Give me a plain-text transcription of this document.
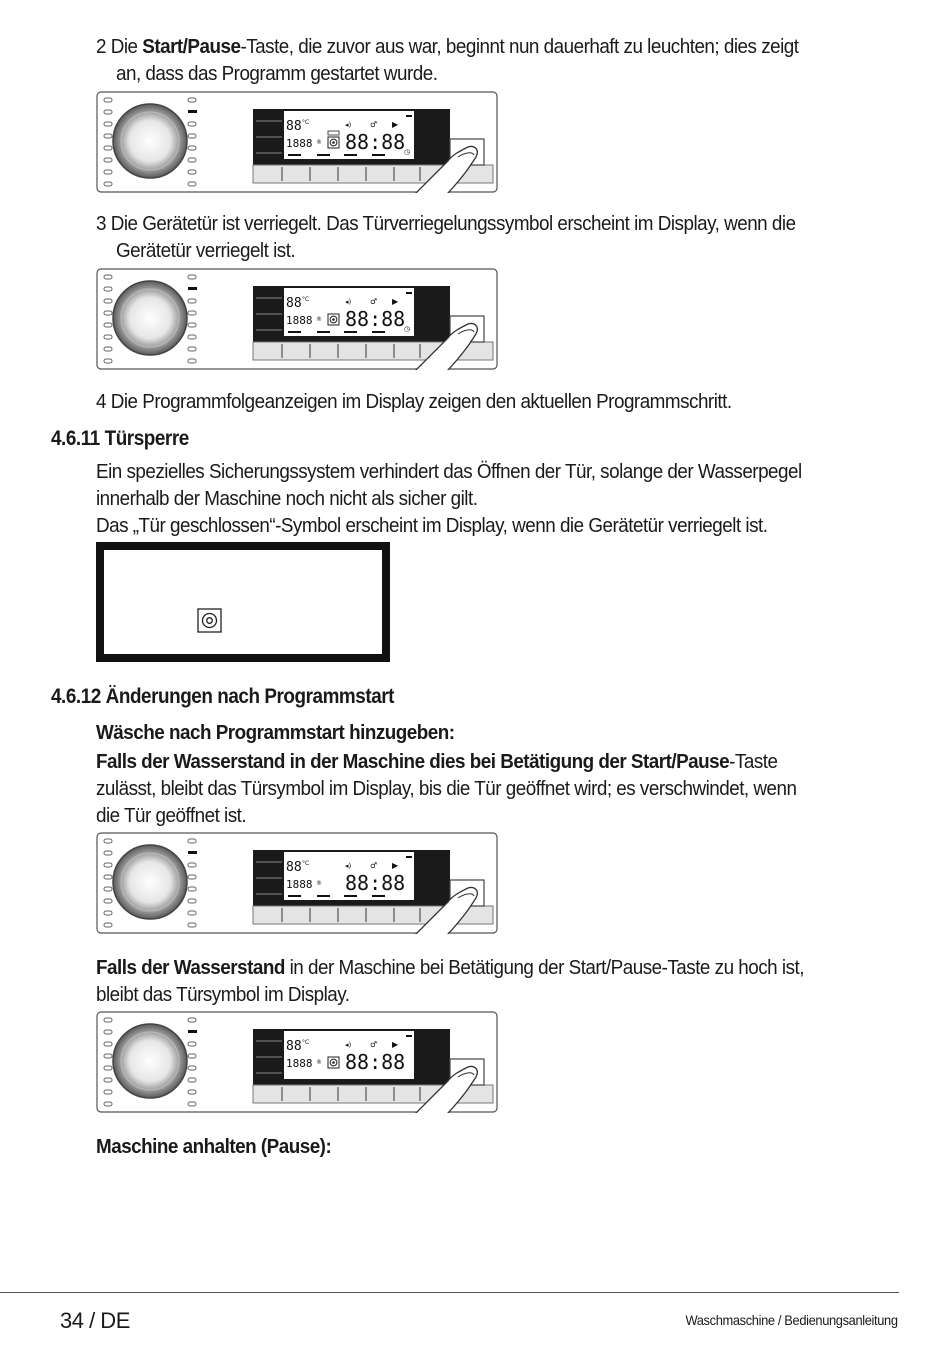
2 Die Start/Pause-Taste, die zuvor aus war, beginnt nun dauerhaft zu leuchten; dies zeigt
an, dass das Programm gestartet wurde.
88 °C	◂) ♂ ▶
1888 ® 88:88
◷
3 Die Gerätetür ist verriegelt. Das Türverriegelungssymbol erscheint im Display, wenn die
Gerätetür verriegelt ist.
88 °C	◂) ♂ ▶
1888 ® 88:88
◷
4 Die Programmfolgeanzeigen im Display zeigen den aktuellen Programmschritt.
4.6.11 Türsperre
Ein spezielles Sicherungssystem verhindert das Öffnen der Tür, solange der Wasserpegel
innerhalb der Maschine noch nicht als sicher gilt.
Das „Tür geschlossen“-Symbol erscheint im Display, wenn die Gerätetür verriegelt ist.
4.6.12 Änderungen nach Programmstart
Wäsche nach Programmstart hinzugeben:
Falls der Wasserstand in der Maschine dies bei Betätigung der Start/Pause-Taste
zulässt, bleibt das Türsymbol im Display, bis die Tür geöffnet wird; es verschwindet, wenn
die Tür geöffnet ist.
88 °C	◂) ♂ ▶
1888 ® 88:88
Falls der Wasserstand in der Maschine bei Betätigung der Start/Pause-Taste zu hoch ist,
bleibt das Türsymbol im Display.
88 °C	◂) ♂ ▶
1888 ® 88:88
Maschine anhalten (Pause):
34 / DE	Waschmaschine / Bedienungsanleitung
